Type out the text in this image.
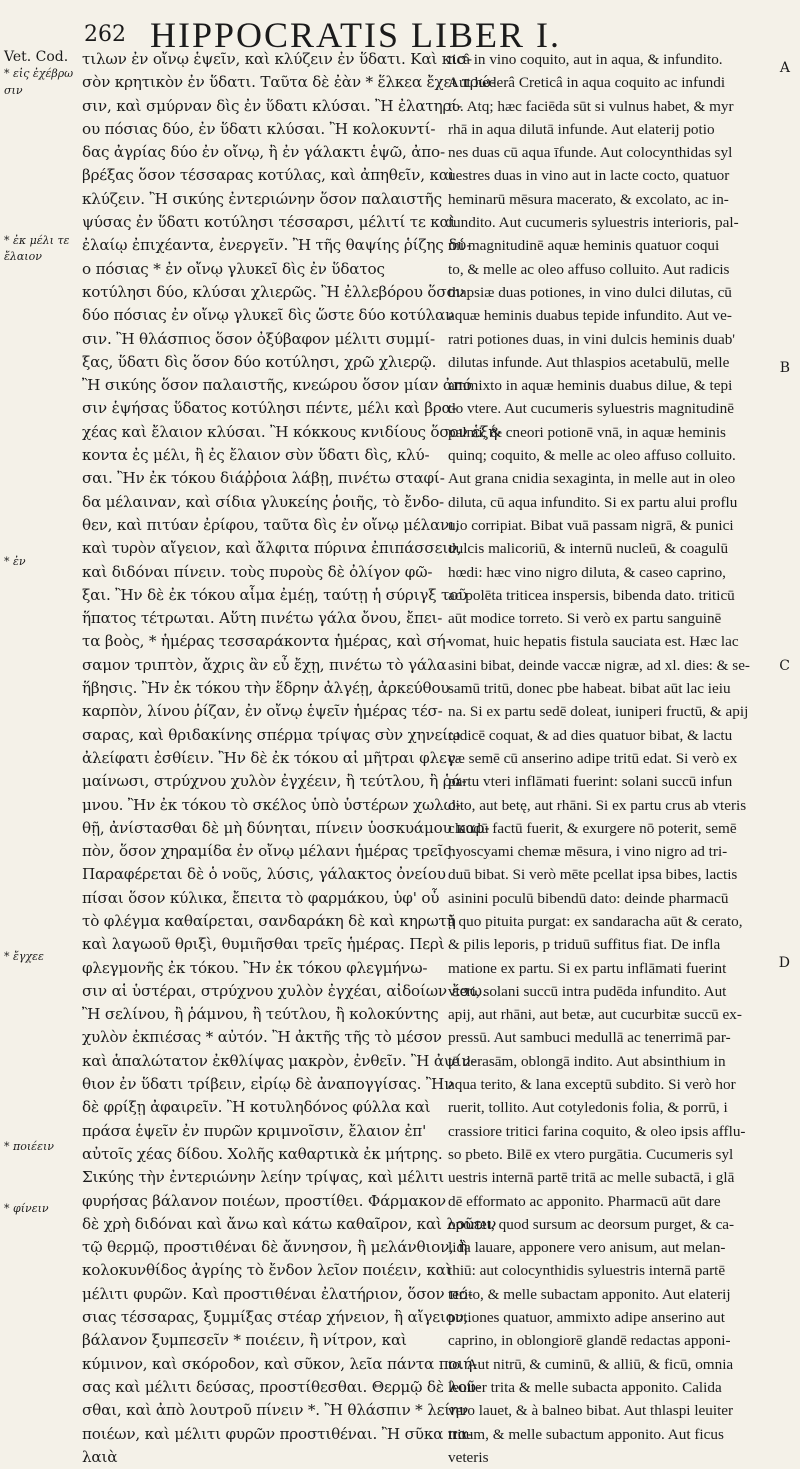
262 HIPPOCRATIS LIBER I.
Vet. Cod.
* εἰς ἐχέβρω
σιν
* ἐκ μέλι τε
ἔλαιον
* ἐν
* ἔγχεε
* ποιέειν
* φίνειν
A
B
C
D
τιλων ἐν οἴνῳ ἑψεῖν, καὶ κλύζειν ἐν ὕδατι. Καὶ κισ-
σὸν κρητικὸν ἐν ὕδατι. Ταῦτα δὲ ἐὰν * ἕλκεα ἔχει τρώ-
σιν, καὶ σμύρναν δὶς ἐν ὕδατι κλύσαι. Ἢ ἐλατηρί-
ου πόσιας δύο, ἐν ὕδατι κλύσαι. Ἢ κολοκυντί-
δας ἀγρίας δύο ἐν οἴνῳ, ἢ ἐν γάλακτι ἑψῶ, ἀπο-
βρέξας ὅσον τέσσαρας κοτύλας, καὶ ἀπηθεῖν, καὶ
κλύζειν. Ἢ σικύης ἐντεριώνην ὅσον παλαιστῆς
ψύσας ἐν ὕδατι κοτύλησι τέσσαρσι, μέλιτί τε καὶ
ἐλαίῳ ἐπιχέαντα, ἐνεργεῖν. Ἢ τῆς θαψίης ῥίζης δύ-
ο πόσιας * ἐν οἴνῳ γλυκεῖ δὶς ἐν ὕδατος
κοτύλησι δύο, κλύσαι χλιερῶς. Ἢ ἐλλεβόρου ὅσον
δύο πόσιας ἐν οἴνῳ γλυκεῖ δὶς ὥστε δύο κοτύλαν
σιν. Ἢ θλάσπιος ὅσον ὀξύβαφον μέλιτι συμμί-
ξας, ὕδατι δὶς ὅσον δύο κοτύλησι, χρῶ χλιερῷ.
Ἢ σικύης ὅσον παλαιστῆς, κνεώρου ὅσον μίαν ἀπό
σιν ἑψήσας ὕδατος κοτύλησι πέντε, μέλι καὶ βρα-
χέας καὶ ἔλαιον κλύσαι. Ἢ κόκκους κνιδίους ὅσον ἑξή-
κοντα ἐς μέλι, ἢ ἐς ἔλαιον σὺν ὕδατι δὶς, κλύ-
σαι. Ἢν ἐκ τόκου διάῤῥοια λάβῃ, πινέτω σταφί-
δα μέλαιναν, καὶ σίδια γλυκείης ῥοιῆς, τὸ ἔνδο-
θεν, καὶ πιτύαν ἐρίφου, ταῦτα δὶς ἐν οἴνῳ μέλανι,
καὶ τυρὸν αἴγειον, καὶ ἄλφιτα πύρινα ἐπιπάσσειν,
καὶ διδόναι πίνειν. τοὺς πυροὺς δὲ ὀλίγον φῶ-
ξαι. Ἢν δὲ ἐκ τόκου αἷμα ἐμέῃ, ταύτῃ ἡ σύριγξ τοῦ
ἥπατος τέτρωται. Αὕτη πινέτω γάλα ὄνου, ἔπει-
τα βοὸς, * ἡμέρας τεσσαράκοντα ἡμέρας, καὶ σή-
σαμον τριπτὸν, ἄχρις ἂν εὖ ἔχῃ, πινέτω τὸ γάλα
ἥβησις. Ἢν ἐκ τόκου τὴν ἕδρην ἀλγέῃ, ἀρκεύθου
καρπὸν, λίνου ῥίζαν, ἐν οἴνῳ ἑψεῖν ἡμέρας τέσ-
σαρας, καὶ θριδακίνης σπέρμα τρίψας σὺν χηνείῳ
ἀλείφατι ἐσθίειν. Ἢν δὲ ἐκ τόκου αἱ μῆτραι φλεγ-
μαίνωσι, στρύχνου χυλὸν ἐγχέειν, ἢ τεύτλου, ἢ ῥά-
μνου. Ἢν ἐκ τόκου τὸ σκέλος ὑπὸ ὑστέρων χωλω-
θῇ, ἀνίστασθαι δὲ μὴ δύνηται, πίνειν ὑοσκυάμου καρ-
πὸν, ὅσον χηραμίδα ἐν οἴνῳ μέλανι ἡμέρας τρεῖς.
Παραφέρεται δὲ ὁ νοῦς, λύσις, γάλακτος ὀνείου
πίσαι ὅσον κύλικα, ἔπειτα τὸ φαρμάκου, ὑφ' οὗ
τὸ φλέγμα καθαίρεται, σανδαράκη δὲ καὶ κηρωτῇ
καὶ λαγωοῦ θριξὶ, θυμιῆσθαι τρεῖς ἡμέρας. Περὶ
φλεγμονῆς ἐκ τόκου. Ἢν ἐκ τόκου φλεγμήνω-
σιν αἱ ὑστέραι, στρύχνου χυλὸν ἐγχέαι, αἰδοίων ἔσω.
Ἢ σελίνου, ἢ ῥάμνου, ἢ τεύτλου, ἢ κολοκύντης
χυλὸν ἐκπιέσας * αὐτόν. Ἢ ἀκτῆς τῆς τὸ μέσον
καὶ ἁπαλώτατον ἐκθλίψας μακρὸν, ἐνθεῖν. Ἢ ἀψίν-
θιον ἐν ὕδατι τρίβειν, εἰρίῳ δὲ ἀναπογγίσας. Ἢν
δὲ φρίξῃ ἀφαιρεῖν. Ἢ κοτυληδόνος φύλλα καὶ
πράσα ἑψεῖν ἐν πυρῶν κριμνοῖσιν, ἔλαιον ἐπ'
αὐτοῖς χέας δίδου. Χολῆς καθαρτικὰ ἐκ μήτρης.
Σικύης τὴν ἐντεριώνην λείην τρίψας, καὶ μέλιτι
φυρήσας βάλανον ποιέων, προστίθει. Φάρμακον
δὲ χρὴ διδόναι καὶ ἄνω καὶ κάτω καθαῖρον, καὶ λοῦειν
τῷ θερμῷ, προστιθέναι δὲ ἄννησον, ἢ μελάνθιον, ἢ
κολοκυνθίδος ἀγρίης τὸ ἔνδον λεῖον ποιέειν, καὶ
μέλιτι φυρῶν. Καὶ προστιθέναι ἐλατήριον, ὅσον πό-
σιας τέσσαρας, ξυμμίξας στέαρ χήνειον, ἢ αἴγειον,
βάλανον ξυμπεσεῖν * ποιέειν, ἢ νίτρον, καὶ
κύμινον, καὶ σκόροδον, καὶ σῦκον, λεῖα πάντα ποιή-
σας καὶ μέλιτι δεύσας, προστίθεσθαι. Θερμῷ δὲ λοῦ-
σθαι, καὶ ἀπὸ λουτροῦ πίνειν *. Ἢ θλάσπιν * λείην
ποιέων, καὶ μέλιτι φυρῶν προστιθέναι. Ἢ σῦκα πα-
λαιὰ
ticâ in vino coquito, aut in aqua, & infundito.
Aut hederâ Creticâ in aqua coquito ac infundi
to. Atq; hæc faciēda sūt si vulnus habet, & myr
rhā in aqua dilutā infunde. Aut elaterij potio
nes duas cū aqua īfunde. Aut colocynthidas syl
uestres duas in vino aut in lacte cocto, quatuor
heminarū mēsura macerato, & excolato, ac in-
fundito. Aut cucumeris syluestris interioris, pal-
mi magnitudinē aquæ heminis quatuor coqui
to, & melle ac oleo affuso colluito. Aut radicis
thapsiæ duas potiones, in vino dulci dilutas, cū
aquæ heminis duabus tepide infundito. Aut ve-
ratri potiones duas, in vini dulcis heminis duab'
dilutas infunde. Aut thlaspios acetabulū, melle
ammixto in aquæ heminis duabus dilue, & tepi
do vtere. Aut cucumeris syluestris magnitudinē
palmi, & cneori potionē vnā, in aquæ heminis
quinq; coquito, & melle ac oleo affuso colluito.
Aut grana cnidia sexaginta, in melle aut in oleo
diluta, cū aqua infundito. Si ex partu alui proflu
uio corripiat. Bibat vuā passam nigrā, & punici
dulcis malicoriū, & internū nucleū, & coagulū
hœdi: hæc vino nigro diluta, & caseo caprino,
ac polēta triticea inspersis, bibenda dato. triticū
aūt modice torreto. Si verò ex partu sanguinē
vomat, huic hepatis fistula sauciata est. Hæc lac
asini bibat, deinde vaccæ nigræ, ad xl. dies: & se-
samū tritū, donec pbe habeat. bibat aūt lac ieiu
na. Si ex partu sedē doleat, iuniperi fructū, & apij
radicē coquat, & ad dies quatuor bibat, & lactu
cæ semē cū anserino adipe tritū edat. Si verò ex
partu vteri inflāmati fuerint: solani succū infun
dito, aut betę, aut rhāni. Si ex partu crus ab vteris
claudū factū fuerit, & exurgere nō poterit, semē
hyoscyami chemæ mēsura, i vino nigro ad tri-
duū bibat. Si verò mēte pcellat ipsa bibes, lactis
asinini poculū bibendū dato: deinde pharmacū
à quo pituita purgat: ex sandaracha aūt & cerato,
& pilis leporis, p triduū suffitus fiat. De infla
matione ex partu. Si ex partu inflāmati fuerint
vteri, solani succū intra pudēda infundito. Aut
apij, aut rhāni, aut betæ, aut cucurbitæ succū ex-
pressū. Aut sambuci medullā ac tenerrimā par-
tē derasām, oblongā indito. Aut absinthium in
aqua terito, & lana exceptū subdito. Si verò hor
ruerit, tollito. Aut cotyledonis folia, & porrū, i
crassiore tritici farina coquito, & oleo ipsis afflu-
so pbeto. Bilē ex vtero purgātia. Cucumeris syl
uestris internā partē tritā ac melle subactā, i glā
dē efformato ac apponito. Pharmacū aūt dare
oportet, quod sursum ac deorsum purget, & ca-
lida lauare, apponere vero anisum, aut melan-
thiū: aut colocynthidis syluestris internā partē
terito, & melle subactam apponito. Aut elaterij
potiones quatuor, ammixto adipe anserino aut
caprino, in oblongiorē glandē redactas apponi-
to. Aut nitrū, & cuminū, & alliū, & ficū, omnia
leuiter trita & melle subacta apponito. Calida
vero lauet, & à balneo bibat. Aut thlaspi leuiter
tritum, & melle subactum apponito. Aut ficus
veteris
